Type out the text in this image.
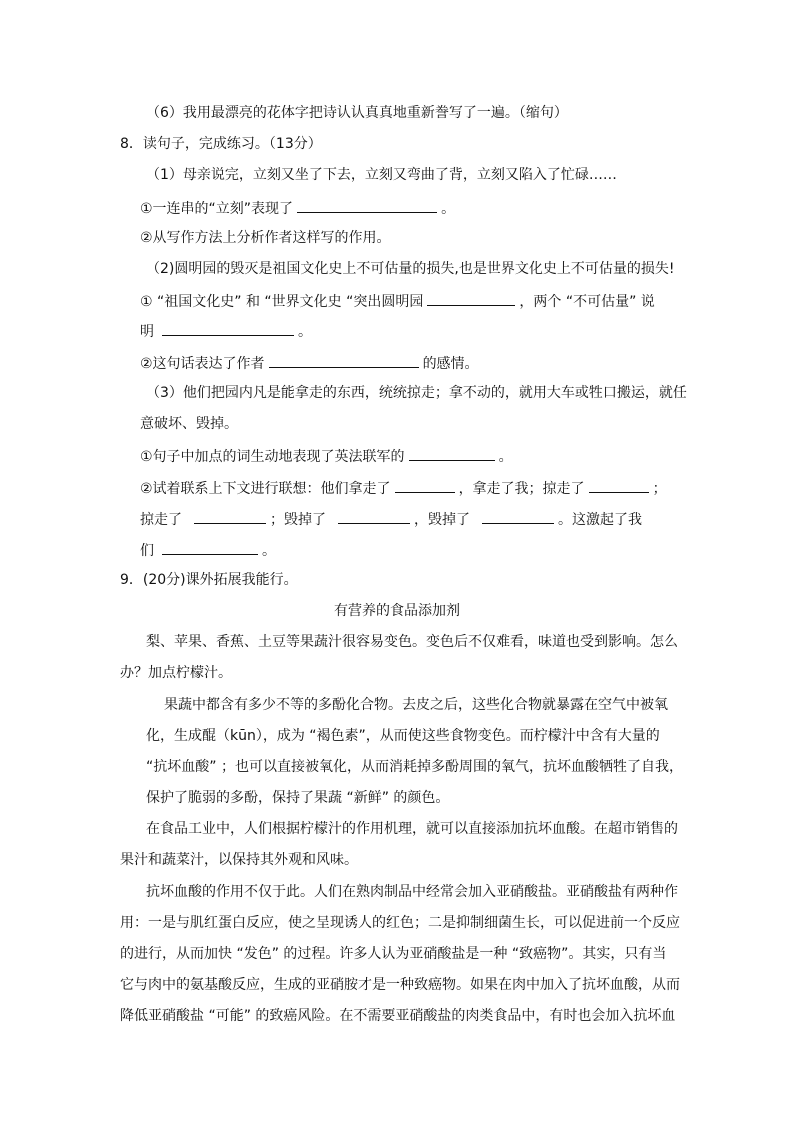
（6）我用最漂亮的花体字把诗认认真真地重新誊写了一遍。（缩句）
8．读句子，完成练习。（13分）
（1）母亲说完，立刻又坐了下去，立刻又弯曲了背，立刻又陷入了忙碌……
①一连串的“立刻”表现了	。
②从写作方法上分析作者这样写的作用。
（2)圆明园的毁灭是祖国文化史上不可估量的损失,也是世界文化史上不可估量的损失!
① “祖国文化史” 和 “世界文化史 “突出圆明园	，两个 “不可估量” 说
明	。
②这句话表达了作者	的感情。
（3）他们把园内凡是能拿走的东西，统统掠走；拿不动的，就用大车或牲口搬运，就任
意破坏、毁掉。
①句子中加点的词生动地表现了英法联军的	。
②试着联系上下文进行联想：他们拿走了	，拿走了我；掠走了	；
掠走了	；毁掉了	，毁掉了	。这激起了我
们	。
9．(20分)课外拓展我能行。
有营养的食品添加剂
梨、苹果、香蕉、土豆等果蔬汁很容易变色。变色后不仅难看，味道也受到影响。怎么
办？加点柠檬汁。
果蔬中都含有多少不等的多酚化合物。去皮之后，这些化合物就暴露在空气中被氧
化，生成醌（kūn），成为 “褐色素”，从而使这些食物变色。而柠檬汁中含有大量的
“抗坏血酸” ；也可以直接被氧化，从而消耗掉多酚周围的氧气，抗坏血酸牺牲了自我，
保护了脆弱的多酚，保持了果蔬 “新鲜” 的颜色。
在食品工业中，人们根据柠檬汁的作用机理，就可以直接添加抗坏血酸。在超市销售的
果汁和蔬菜汁，以保持其外观和风味。
抗坏血酸的作用不仅于此。人们在熟肉制品中经常会加入亚硝酸盐。亚硝酸盐有两种作
用：一是与肌红蛋白反应，使之呈现诱人的红色；二是抑制细菌生长，可以促进前一个反应
的进行，从而加快 “发色” 的过程。许多人认为亚硝酸盐是一种 “致癌物”。其实，只有当
它与肉中的氨基酸反应，生成的亚硝胺才是一种致癌物。如果在肉中加入了抗坏血酸，从而
降低亚硝酸盐 “可能” 的致癌风险。在不需要亚硝酸盐的肉类食品中，有时也会加入抗坏血
